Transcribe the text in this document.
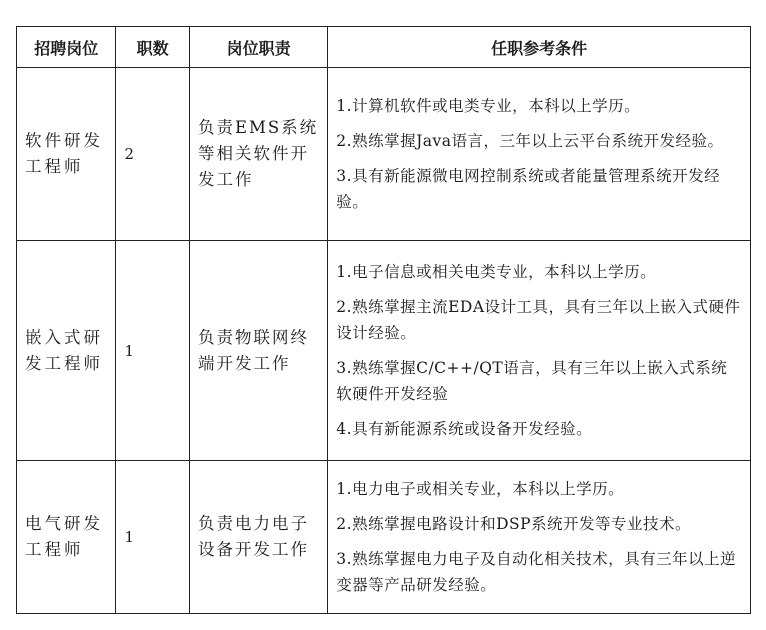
招聘岗位	职数	岗位职责	任职参考条件
软件研发工程师	2	负责EMS系统等相关软件开发工作	1.计算机软件或电类专业，本科以上学历。
2.熟练掌握Java语言，三年以上云平台系统开发经验。
3.具有新能源微电网控制系统或者能量管理系统开发经验。

嵌入式研发工程师	1	负责物联网终端开发工作	1.电子信息或相关电类专业，本科以上学历。
2.熟练掌握主流EDA设计工具，具有三年以上嵌入式硬件设计经验。
3.熟练掌握C/C++/QT语言，具有三年以上嵌入式系统软硬件开发经验
4.具有新能源系统或设备开发经验。

电气研发工程师	1	负责电力电子设备开发工作	1.电力电子或相关专业，本科以上学历。
2.熟练掌握电路设计和DSP系统开发等专业技术。
3.熟练掌握电力电子及自动化相关技术，具有三年以上逆变器等产品研发经验。
